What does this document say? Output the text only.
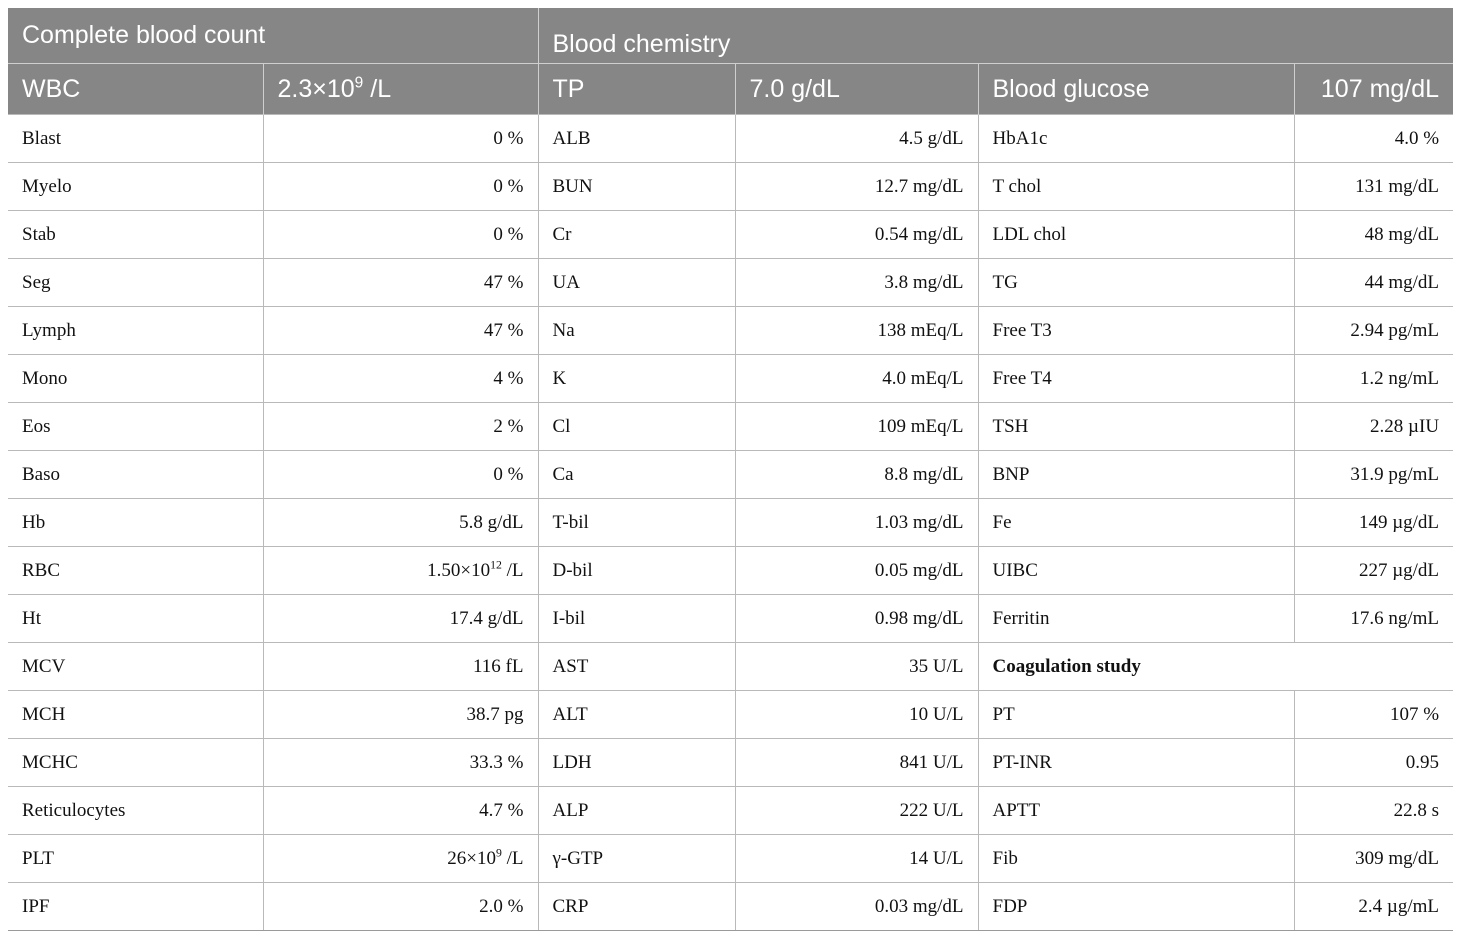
Complete blood count		Blood chemistry			
WBC	$2.3\times 10^9$ /L	TP	7.0 g/dL	Blood glucose	107 mg/dL
Blast	0 %	ALB	4.5 g/dL	HbA1c	4.0 %
Myelo	0 %	BUN	12.7 mg/dL	T chol	131 mg/dL
Stab	0 %	Cr	0.54 mg/dL	LDL chol	48 mg/dL
Seg	47 %	UA	3.8 mg/dL	TG	44 mg/dL
Lymph	47 %	Na	138 mEq/L	Free T3	2.94 pg/mL
Mono	4 %	K	4.0 mEq/L	Free T4	1.2 ng/mL
Eos	2 %	Cl	109 mEq/L	TSH	2.28 µIU
Baso	0 %	Ca	8.8 mg/dL	BNP	31.9 pg/mL
Hb	5.8 g/dL	T-bil	1.03 mg/dL	Fe	149 µg/dL
RBC	$1.50\times 10^{12}$ /L	D-bil	0.05 mg/dL	UIBC	227 µg/dL
Ht	17.4 g/dL	I-bil	0.98 mg/dL	Ferritin	17.6 ng/mL
MCV	116 fL	AST	35 U/L	Coagulation study	
MCH	38.7 pg	ALT	10 U/L	PT	107 %
MCHC	33.3 %	LDH	841 U/L	PT-INR	0.95
Reticulocytes	4.7 %	ALP	222 U/L	APTT	22.8 s
PLT	$26\times 10^9$ /L	γ-GTP	14 U/L	Fib	309 mg/dL
IPF	2.0 %	CRP	0.03 mg/dL	FDP	2.4 µg/mL
